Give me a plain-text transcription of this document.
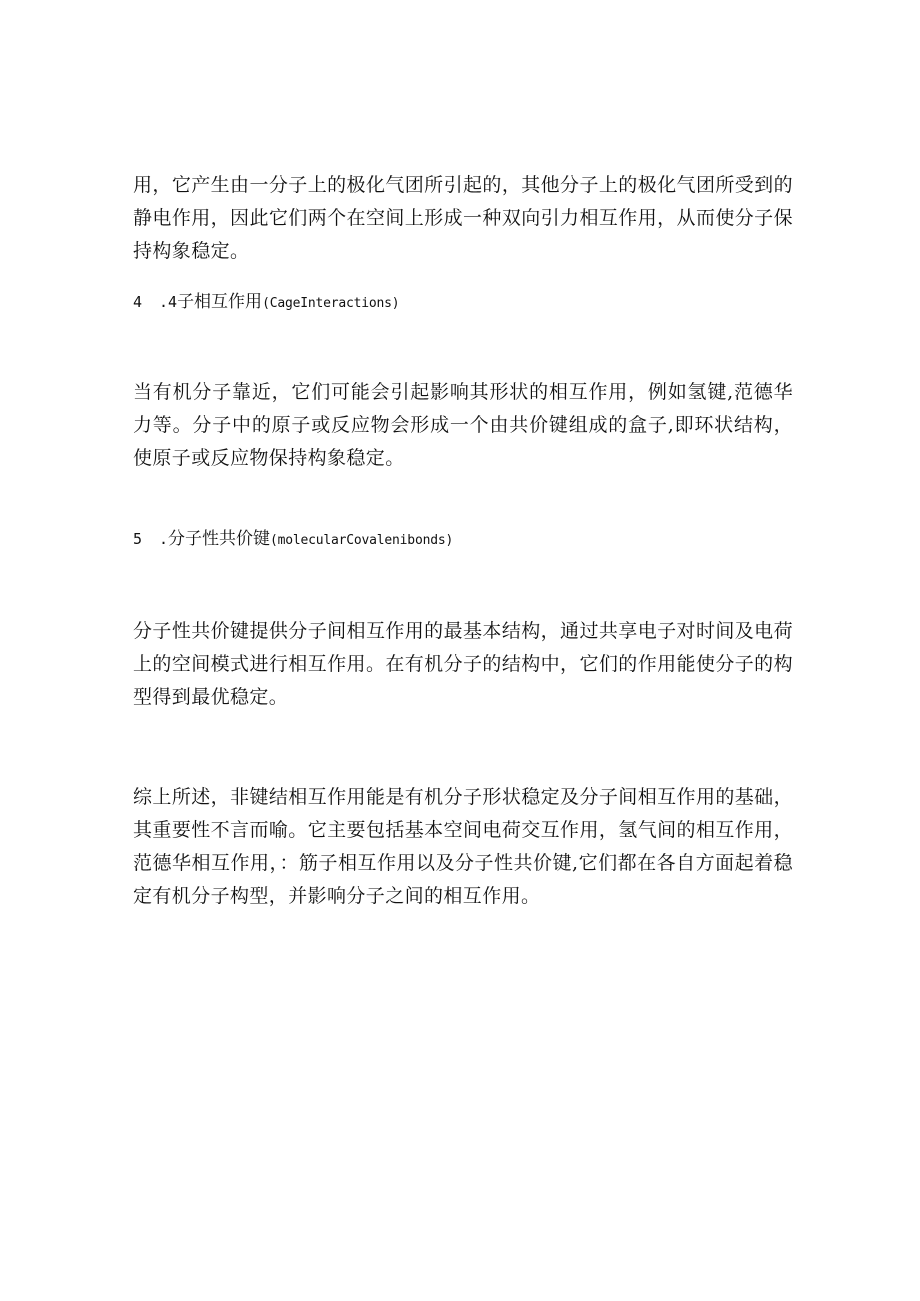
用，它产生由一分子上的极化气团所引起的，其他分子上的极化气团所受到的静电作用，因此它们两个在空间上形成一种双向引力相互作用，从而使分子保持构象稳定。

4 .4子相互作用(CageInteractions)

当有机分子靠近，它们可能会引起影响其形状的相互作用，例如氢键,范德华力等。分子中的原子或反应物会形成一个由共价键组成的盒子,即环状结构，使原子或反应物保持构象稳定。

5 .分子性共价键(molecularCovalenibonds)

分子性共价键提供分子间相互作用的最基本结构，通过共享电子对时间及电荷上的空间模式进行相互作用。在有机分子的结构中，它们的作用能使分子的构型得到最优稳定。

综上所述，非键结相互作用能是有机分子形状稳定及分子间相互作用的基础，其重要性不言而喻。它主要包括基本空间电荷交互作用，氢气间的相互作用，范德华相互作用，：筋子相互作用以及分子性共价键,它们都在各自方面起着稳定有机分子构型，并影响分子之间的相互作用。
